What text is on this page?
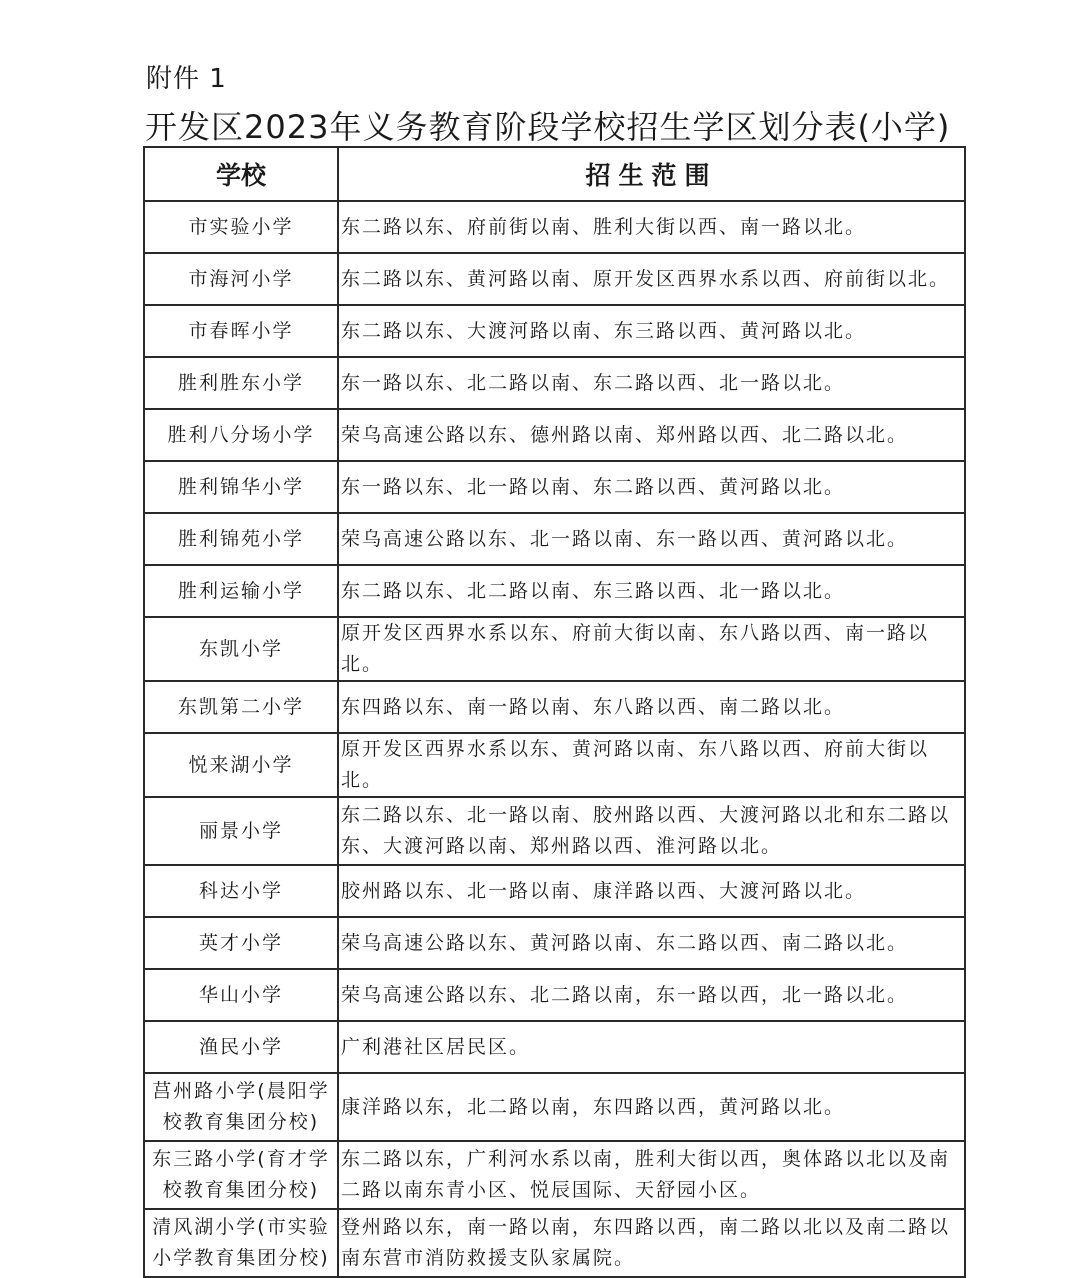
附件 1
开发区2023年义务教育阶段学校招生学区划分表(小学)
学校	招生范围
市实验小学	东二路以东、府前街以南、胜利大街以西、南一路以北。
市海河小学	东二路以东、黄河路以南、原开发区西界水系以西、府前街以北。
市春晖小学	东二路以东、大渡河路以南、东三路以西、黄河路以北。
胜利胜东小学	东一路以东、北二路以南、东二路以西、北一路以北。
胜利八分场小学	荣乌高速公路以东、德州路以南、郑州路以西、北二路以北。
胜利锦华小学	东一路以东、北一路以南、东二路以西、黄河路以北。
胜利锦苑小学	荣乌高速公路以东、北一路以南、东一路以西、黄河路以北。
胜利运输小学	东二路以东、北二路以南、东三路以西、北一路以北。
东凯小学	原开发区西界水系以东、府前大街以南、东八路以西、南一路以北。
东凯第二小学	东四路以东、南一路以南、东八路以西、南二路以北。
悦来湖小学	原开发区西界水系以东、黄河路以南、东八路以西、府前大街以北。
丽景小学	东二路以东、北一路以南、胶州路以西、大渡河路以北和东二路以东、大渡河路以南、郑州路以西、淮河路以北。
科达小学	胶州路以东、北一路以南、康洋路以西、大渡河路以北。
英才小学	荣乌高速公路以东、黄河路以南、东二路以西、南二路以北。
华山小学	荣乌高速公路以东、北二路以南，东一路以西，北一路以北。
渔民小学	广利港社区居民区。
莒州路小学(晨阳学校教育集团分校)	康洋路以东，北二路以南，东四路以西，黄河路以北。
东三路小学(育才学校教育集团分校)	东二路以东，广利河水系以南，胜利大街以西，奥体路以北以及南二路以南东青小区、悦辰国际、天舒园小区。
清风湖小学(市实验小学教育集团分校)	登州路以东，南一路以南，东四路以西，南二路以北以及南二路以南东营市消防救援支队家属院。
